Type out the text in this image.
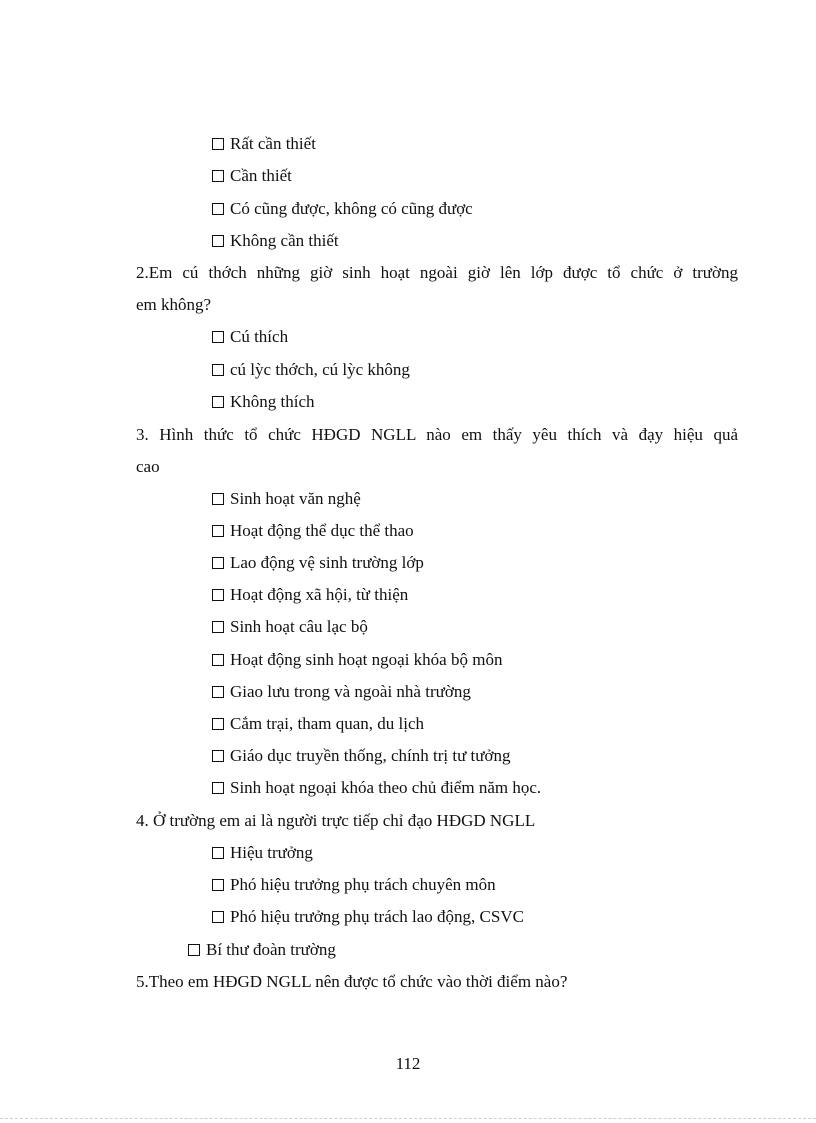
Rất cần thiết
Cần thiết
Có cũng được, không có cũng được
Không cần thiết
2.Em cú thớch những giờ sinh hoạt ngoài giờ lên lớp được tổ chức ở trường
em không?
Cú thích
cú lỳc thớch, cú lỳc không
Không thích
3. Hình thức tổ chức HĐGD NGLL nào em thấy yêu thích và đạy hiệu quả
cao
Sinh hoạt văn nghệ
Hoạt động thể dục thể thao
Lao động vệ sinh trường lớp
Hoạt động xã hội, từ thiện
Sinh hoạt câu lạc bộ
Hoạt động sinh hoạt ngoại khóa bộ môn
Giao lưu trong và ngoài nhà trường
Cắm trại, tham quan, du lịch
Giáo dục truyền thống, chính trị tư tưởng
Sinh hoạt ngoại khóa theo chủ điểm năm học.
4. Ở trường em ai là người trực tiếp chỉ đạo HĐGD NGLL
Hiệu trưởng
Phó hiệu trưởng phụ trách chuyên môn
Phó hiệu trưởng phụ trách lao động, CSVC
Bí thư đoàn trường
5.Theo em HĐGD NGLL nên được tổ chức vào thời điểm nào?
112
